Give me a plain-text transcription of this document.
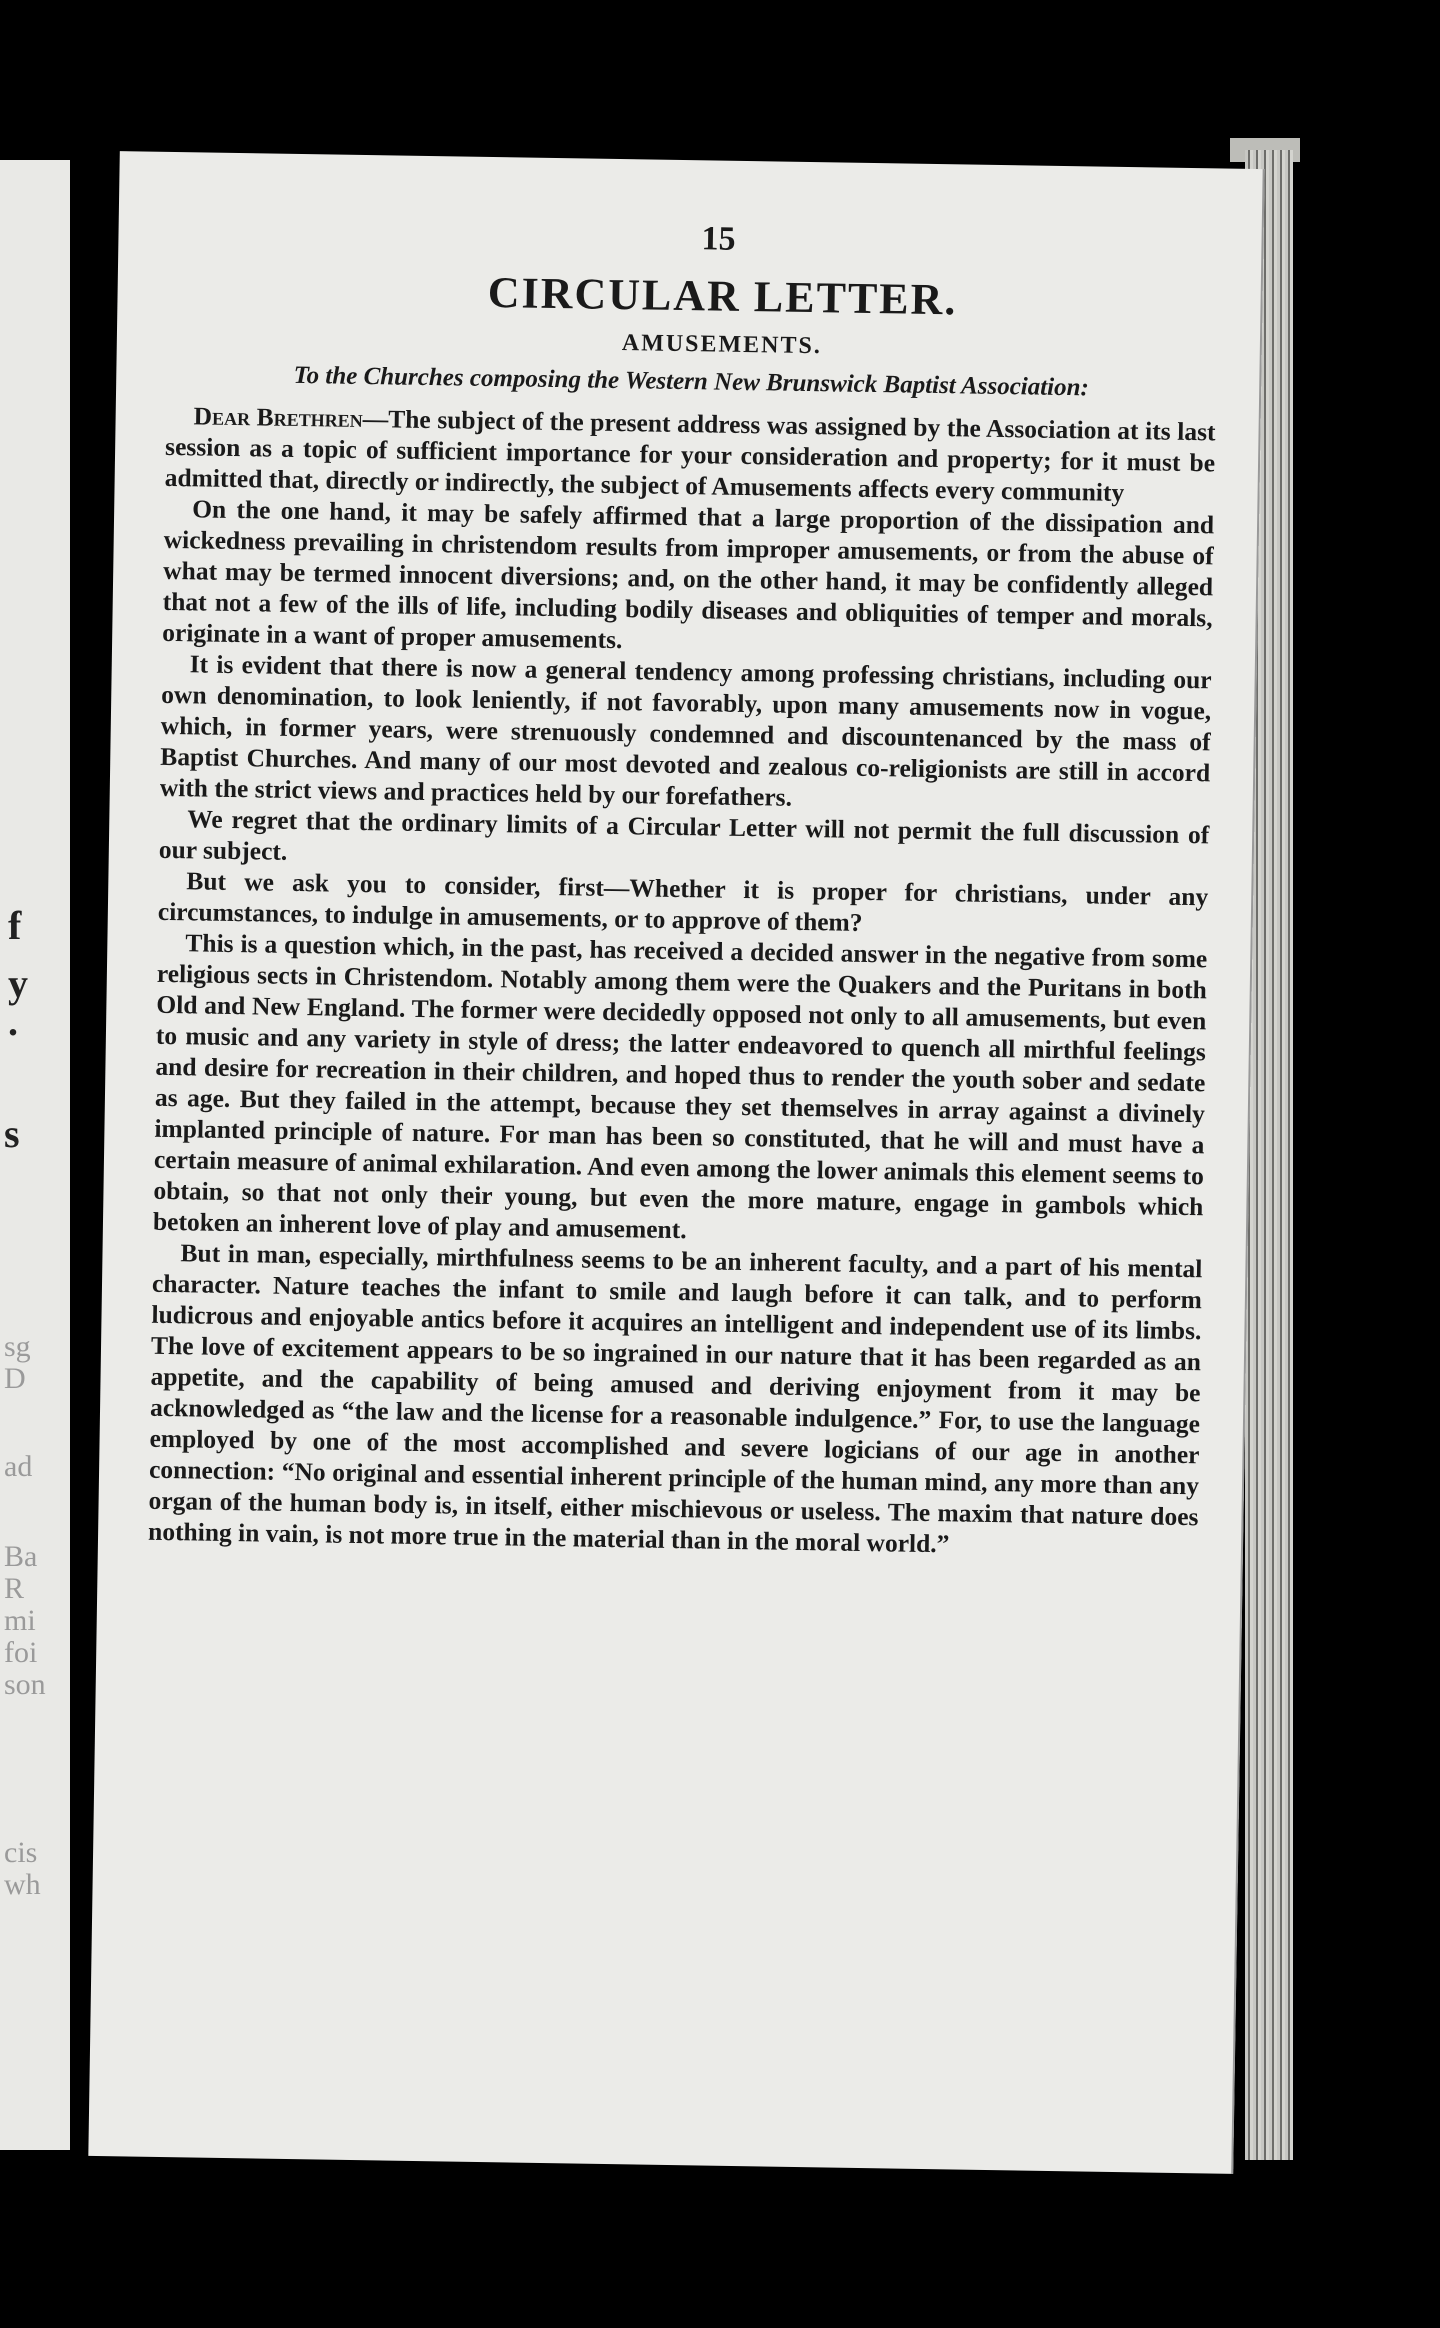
f
y
.
s
sg
D
ad
Ba
R
mi
foi
son
cis
wh
15
CIRCULAR LETTER.
AMUSEMENTS.
To the Churches composing the Western New Brunswick Baptist Association:

Dear Brethren—The subject of the present address was assigned by the Association at its last session as a topic of sufficient importance for your consideration and property; for it must be admitted that, directly or indirectly, the subject of Amusements affects every community

On the one hand, it may be safely affirmed that a large proportion of the dissipation and wickedness prevailing in christendom results from improper amusements, or from the abuse of what may be termed innocent diversions; and, on the other hand, it may be confidently alleged that not a few of the ills of life, including bodily diseases and obliquities of temper and morals, originate in a want of proper amusements.

It is evident that there is now a general tendency among professing christians, including our own denomination, to look leniently, if not favorably, upon many amusements now in vogue, which, in former years, were strenuously condemned and discountenanced by the mass of Baptist Churches. And many of our most devoted and zealous co-religionists are still in accord with the strict views and practices held by our forefathers.

We regret that the ordinary limits of a Circular Letter will not permit the full discussion of our subject.

But we ask you to consider, first—Whether it is proper for christians, under any circumstances, to indulge in amusements, or to approve of them?

This is a question which, in the past, has received a decided answer in the negative from some religious sects in Christendom. Notably among them were the Quakers and the Puritans in both Old and New England. The former were decidedly opposed not only to all amusements, but even to music and any variety in style of dress; the latter endeavored to quench all mirthful feelings and desire for recreation in their children, and hoped thus to render the youth sober and sedate as age. But they failed in the attempt, because they set themselves in array against a divinely implanted principle of nature. For man has been so constituted, that he will and must have a certain measure of animal exhilaration. And even among the lower animals this element seems to obtain, so that not only their young, but even the more mature, engage in gambols which betoken an inherent love of play and amusement.

But in man, especially, mirthfulness seems to be an inherent faculty, and a part of his mental character. Nature teaches the infant to smile and laugh before it can talk, and to perform ludicrous and enjoyable antics before it acquires an intelligent and independent use of its limbs. The love of excitement appears to be so ingrained in our nature that it has been regarded as an appetite, and the capability of being amused and deriving enjoyment from it may be acknowledged as “the law and the license for a reasonable indulgence.” For, to use the language employed by one of the most accomplished and severe logicians of our age in another connection: “No original and essential inherent principle of the human mind, any more than any organ of the human body is, in itself, either mischievous or useless. The maxim that nature does nothing in vain, is not more true in the material than in the moral world.”
